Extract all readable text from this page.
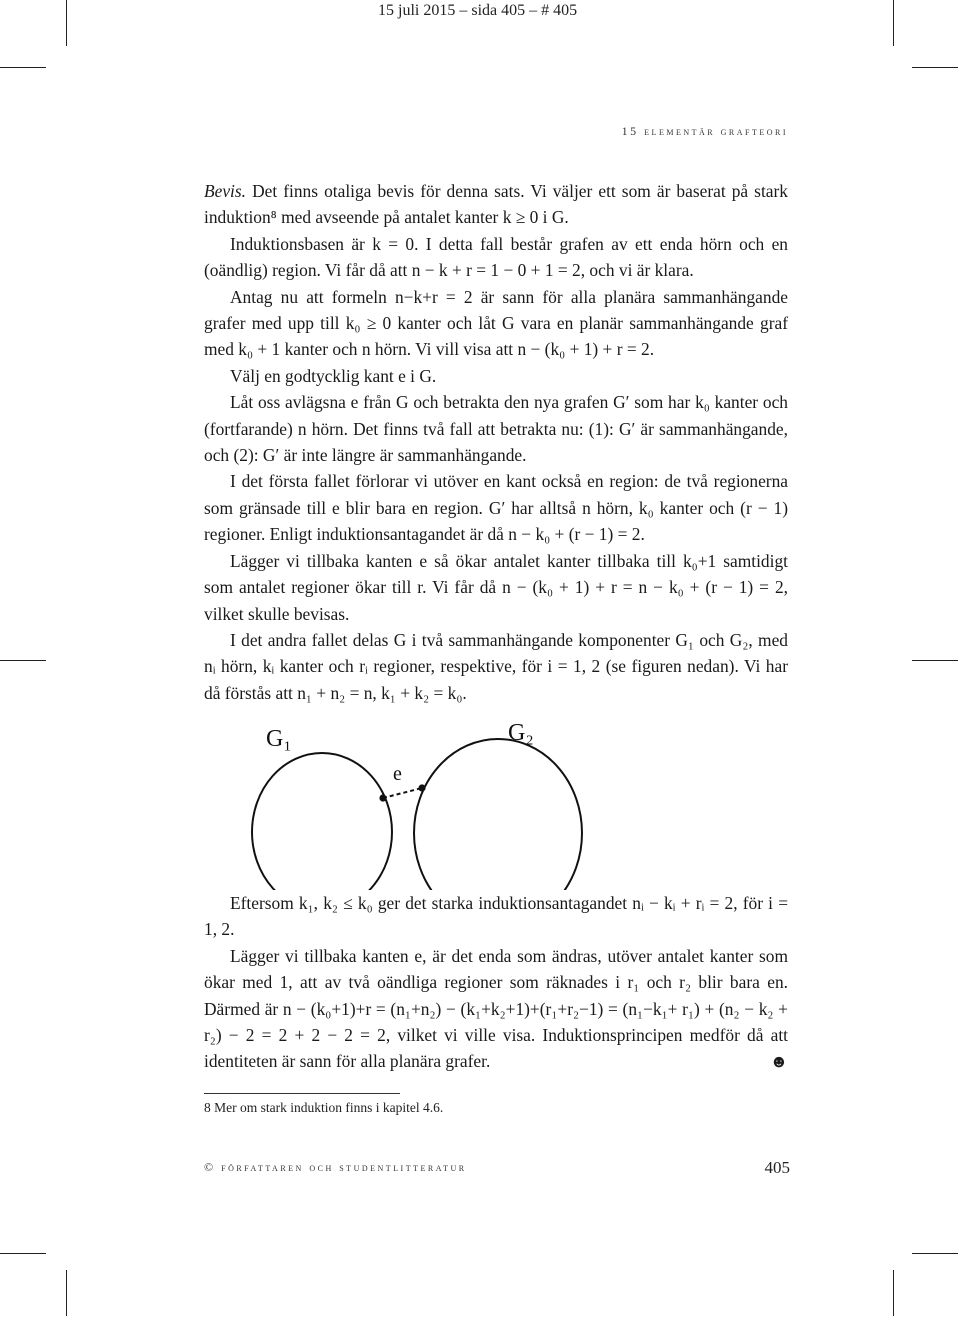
15 juli 2015 – sida 405 – # 405
15 elementär grafteori

Bevis. Det finns otaliga bevis för denna sats. Vi väljer ett som är baserat på stark induktion⁸ med avseende på antalet kanter k ≥ 0 i G.

Induktionsbasen är k = 0. I detta fall består grafen av ett enda hörn och en (oändlig) region. Vi får då att n − k + r = 1 − 0 + 1 = 2, och vi är klara.

Antag nu att formeln n−k+r = 2 är sann för alla planära sammanhängande grafer med upp till k₀ ≥ 0 kanter och låt G vara en planär sammanhängande graf med k₀ + 1 kanter och n hörn. Vi vill visa att n − (k₀ + 1) + r = 2.

Välj en godtycklig kant e i G.

Låt oss avlägsna e från G och betrakta den nya grafen G′ som har k₀ kanter och (fortfarande) n hörn. Det finns två fall att betrakta nu: (1): G′ är sammanhängande, och (2): G′ är inte längre är sammanhängande.

I det första fallet förlorar vi utöver en kant också en region: de två regionerna som gränsade till e blir bara en region. G′ har alltså n hörn, k₀ kanter och (r − 1) regioner. Enligt induktionsantagandet är då n − k₀ + (r − 1) = 2.

Lägger vi tillbaka kanten e så ökar antalet kanter tillbaka till k₀+1 samtidigt som antalet regioner ökar till r. Vi får då n − (k₀ + 1) + r = n − k₀ + (r − 1) = 2, vilket skulle bevisas.

I det andra fallet delas G i två sammanhängande komponenter G₁ och G₂, med nᵢ hörn, kᵢ kanter och rᵢ regioner, respektive, för i = 1, 2 (se figuren nedan). Vi har då förstås att n₁ + n₂ = n, k₁ + k₂ = k₀.

G₁	G₂
e

Eftersom k₁, k₂ ≤ k₀ ger det starka induktionsantagandet nᵢ − kᵢ + rᵢ = 2, för i = 1, 2.

Lägger vi tillbaka kanten e, är det enda som ändras, utöver antalet kanter som ökar med 1, att av två oändliga regioner som räknades i r₁ och r₂ blir bara en. Därmed är n − (k₀+1)+r = (n₁+n₂) − (k₁+k₂+1)+(r₁+r₂−1) = (n₁−k₁+ r₁) + (n₂ − k₂ + r₂) − 2 = 2 + 2 − 2 = 2, vilket vi ville visa. Induktionsprincipen medför då att identiteten är sann för alla planära grafer.	☻

8 Mer om stark induktion finns i kapitel 4.6.
© författaren och studentlitteratur	405
